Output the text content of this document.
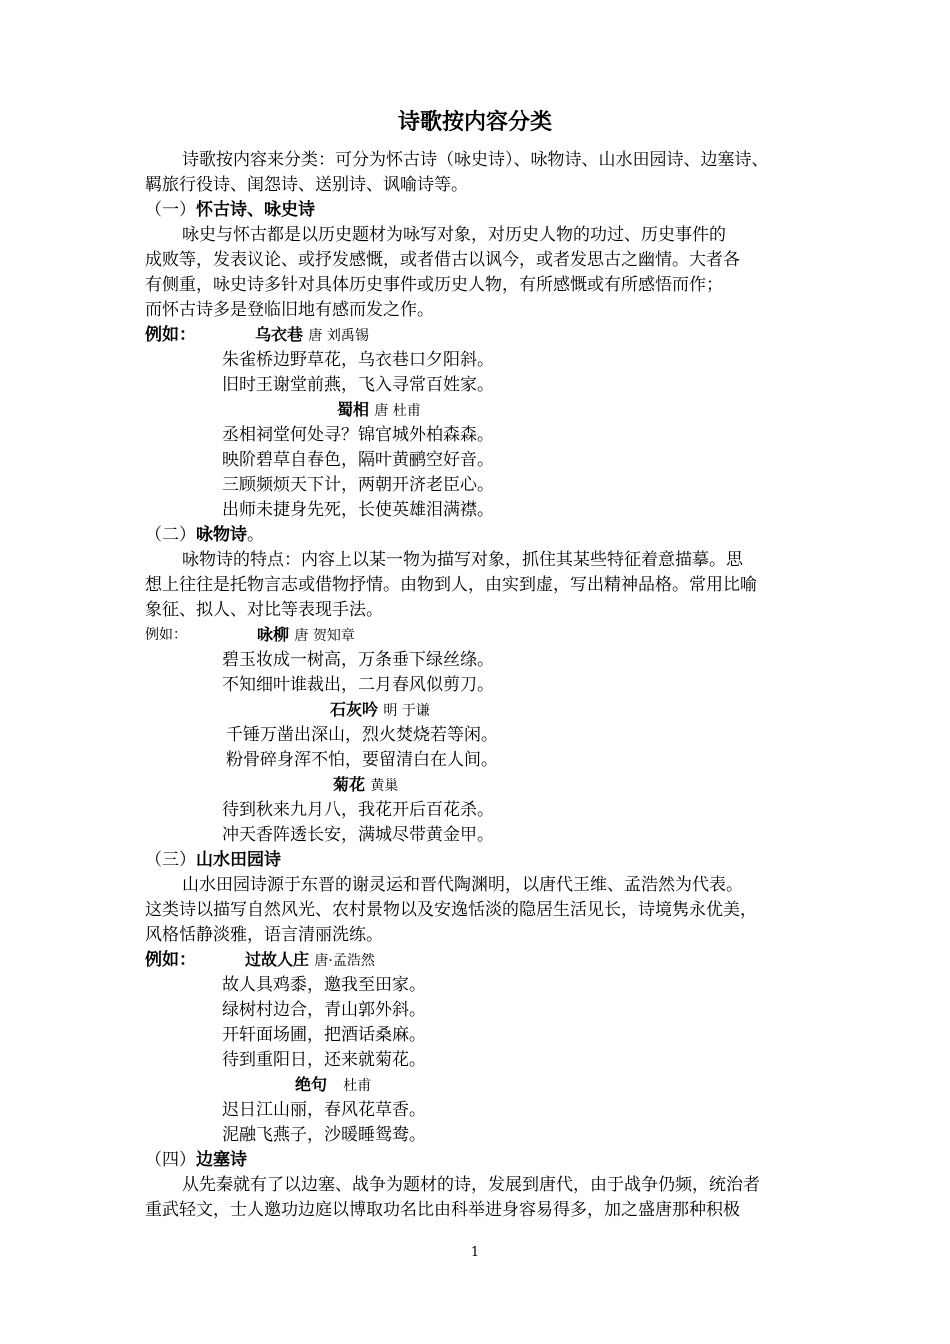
诗歌按内容分类
诗歌按内容来分类：可分为怀古诗（咏史诗）、咏物诗、山水田园诗、边塞诗、
羁旅行役诗、闺怨诗、送别诗、讽喻诗等。
（一）怀古诗、咏史诗
咏史与怀古都是以历史题材为咏写对象，对历史人物的功过、历史事件的
成败等，发表议论、或抒发感慨，或者借古以讽今，或者发思古之幽情。大者各
有侧重，咏史诗多针对具体历史事件或历史人物，有所感慨或有所感悟而作；
而怀古诗多是登临旧地有感而发之作。
例如：	乌衣巷 唐 刘禹锡
朱雀桥边野草花，乌衣巷口夕阳斜。
旧时王谢堂前燕，飞入寻常百姓家。
蜀相 唐 杜甫
丞相祠堂何处寻？锦官城外柏森森。
映阶碧草自春色，隔叶黄鹂空好音。
三顾频烦天下计，两朝开济老臣心。
出师未捷身先死，长使英雄泪满襟。
（二）咏物诗。
咏物诗的特点：内容上以某一物为描写对象，抓住其某些特征着意描摹。思
想上往往是托物言志或借物抒情。由物到人，由实到虚，写出精神品格。常用比喻
象征、拟人、对比等表现手法。
例如：	咏柳 唐 贺知章
碧玉妆成一树高，万条垂下绿丝绦。
不知细叶谁裁出，二月春风似剪刀。
石灰吟 明 于谦
千锤万凿出深山，烈火焚烧若等闲。
粉骨碎身浑不怕，要留清白在人间。
菊花 黄巢
待到秋来九月八，我花开后百花杀。
冲天香阵透长安，满城尽带黄金甲。
（三）山水田园诗
山水田园诗源于东晋的谢灵运和晋代陶渊明，以唐代王维、孟浩然为代表。
这类诗以描写自然风光、农村景物以及安逸恬淡的隐居生活见长，诗境隽永优美，
风格恬静淡雅，语言清丽洗练。
例如：	过故人庄 唐·孟浩然
故人具鸡黍，邀我至田家。
绿树村边合，青山郭外斜。
开轩面场圃，把酒话桑麻。
待到重阳日，还来就菊花。
绝句 杜甫
迟日江山丽，春风花草香。
泥融飞燕子，沙暖睡鸳鸯。
（四）边塞诗
从先秦就有了以边塞、战争为题材的诗，发展到唐代，由于战争仍频，统治者
重武轻文，士人邀功边庭以博取功名比由科举进身容易得多，加之盛唐那种积极
1
